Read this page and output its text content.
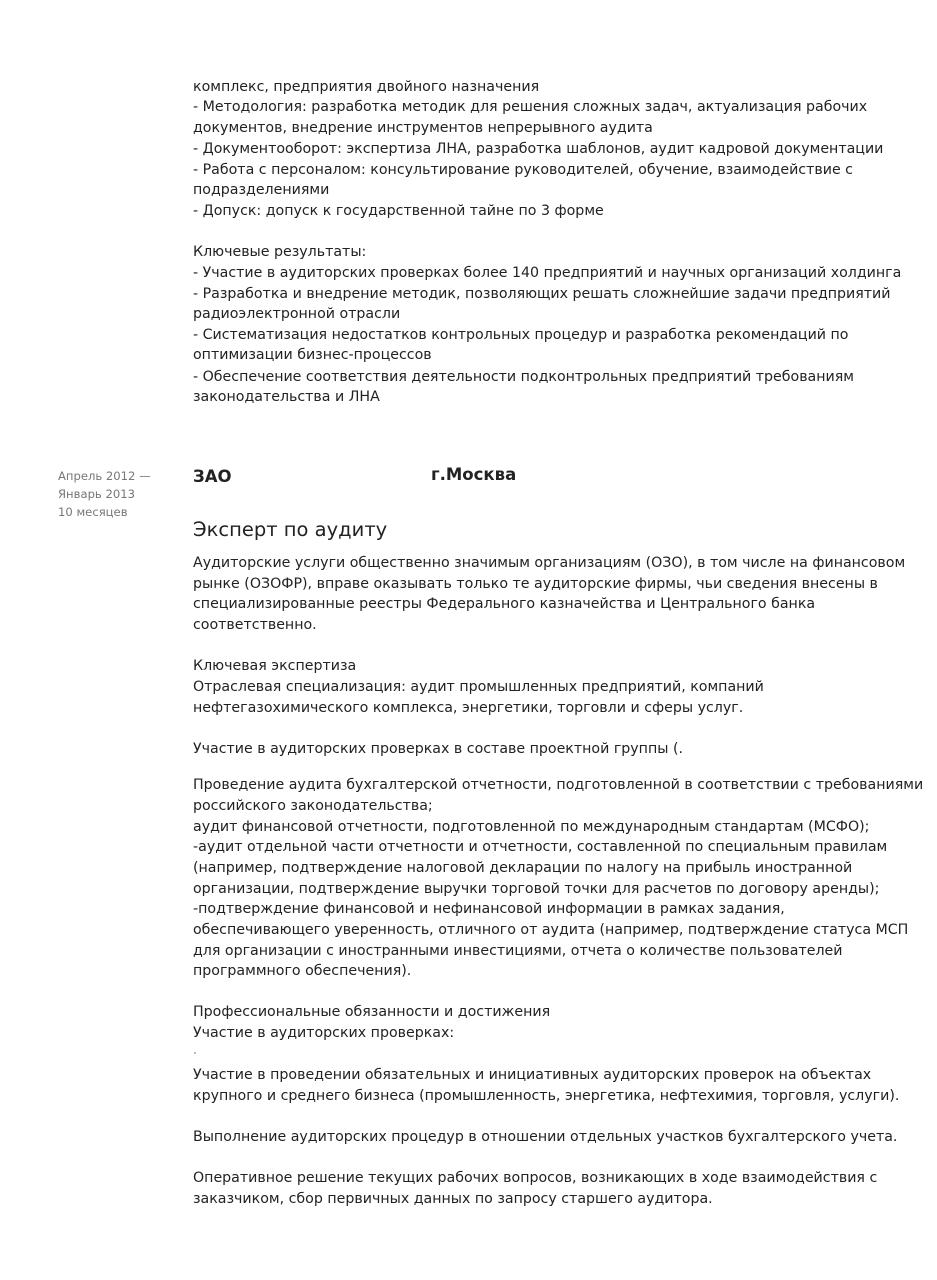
комплекс, предприятия двойного назначения
- Методология: разработка методик для решения сложных задач, актуализация рабочих
документов, внедрение инструментов непрерывного аудита
- Документооборот: экспертиза ЛНА, разработка шаблонов, аудит кадровой документации
- Работа с персоналом: консультирование руководителей, обучение, взаимодействие с
подразделениями
- Допуск: допуск к государственной тайне по 3 форме
Ключевые результаты:
- Участие в аудиторских проверках более 140 предприятий и научных организаций холдинга
- Разработка и внедрение методик, позволяющих решать сложнейшие задачи предприятий
радиоэлектронной отрасли
- Систематизация недостатков контрольных процедур и разработка рекомендаций по
оптимизации бизнес-процессов
- Обеспечение соответствия деятельности подконтрольных предприятий требованиям
законодательства и ЛНА
Апрель 2012 —
Январь 2013
10 месяцев
ЗАО	г.Москва
Эксперт по аудиту
Аудиторские услуги общественно значимым организациям (ОЗО), в том числе на финансовом
рынке (ОЗОФР), вправе оказывать только те аудиторские фирмы, чьи сведения внесены в
специализированные реестры Федерального казначейства и Центрального банка
соответственно.
Ключевая экспертиза
Отраслевая специализация: аудит промышленных предприятий, компаний
нефтегазохимического комплекса, энергетики, торговли и сферы услуг.
Участие в аудиторских проверках в составе проектной группы (.
Проведение аудита бухгалтерской отчетности, подготовленной в соответствии с требованиями
российского законодательства;
аудит финансовой отчетности, подготовленной по международным стандартам (МСФО);
-аудит отдельной части отчетности и отчетности, составленной по специальным правилам
(например, подтверждение налоговой декларации по налогу на прибыль иностранной
организации, подтверждение выручки торговой точки для расчетов по договору аренды);
-подтверждение финансовой и нефинансовой информации в рамках задания,
обеспечивающего уверенность, отличного от аудита (например, подтверждение статуса МСП
для организации с иностранными инвестициями, отчета о количестве пользователей
программного обеспечения).
Профессиональные обязанности и достижения
Участие в аудиторских проверках:
Участие в проведении обязательных и инициативных аудиторских проверок на объектах
крупного и среднего бизнеса (промышленность, энергетика, нефтехимия, торговля, услуги).
Выполнение аудиторских процедур в отношении отдельных участков бухгалтерского учета.
Оперативное решение текущих рабочих вопросов, возникающих в ходе взаимодействия с
заказчиком, сбор первичных данных по запросу старшего аудитора.
